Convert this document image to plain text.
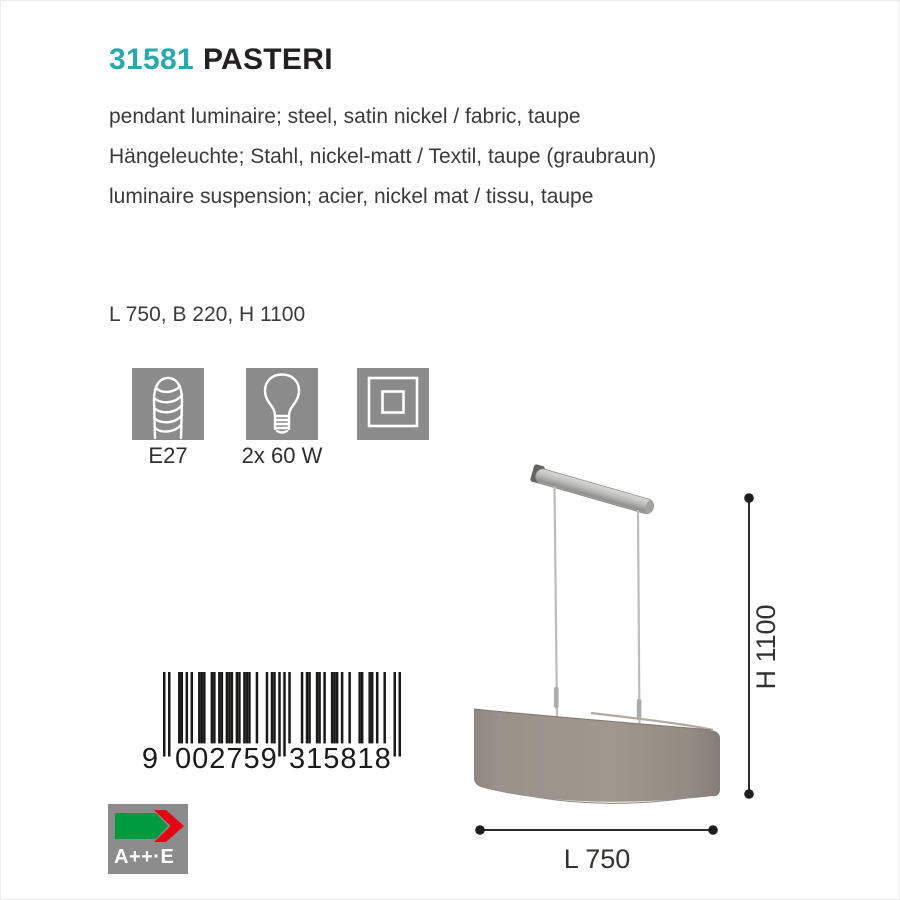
31581 PASTERI
pendant luminaire; steel, satin nickel / fabric, taupe
Hängeleuchte; Stahl, nickel-matt / Textil, taupe (graubraun)
luminaire suspension; acier, nickel mat / tissu, taupe
L 750, B 220, H 1100
E27	2x 60 W
9 002759 315818
A++·E
H 1100
L 750
